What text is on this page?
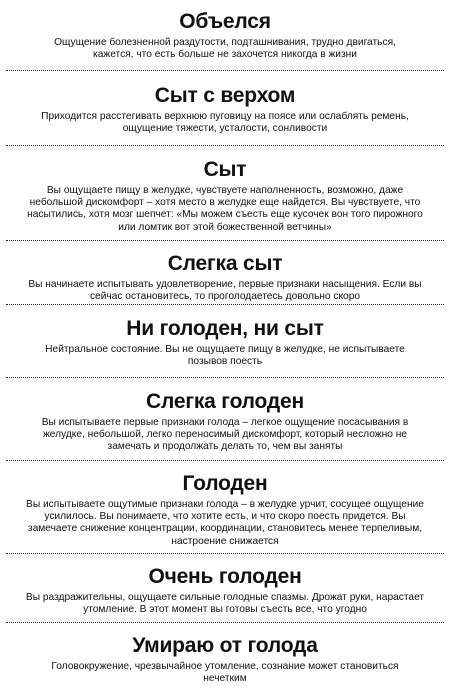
Объелся

Ощущение болезненной раздутости, подташнивания, трудно двигаться, кажется, что есть больше не захочется никогда в жизни

Сыт с верхом

Приходится расстегивать верхнюю пуговицу на поясе или ослаблять ремень, ощущение тяжести, усталости, сонливости

Сыт

Вы ощущаете пищу в желудке, чувствуете наполненность, возможно, даже небольшой дискомфорт – хотя место в желудке еще найдется. Вы чувствуете, что насытились, хотя мозг шепчет: «Мы можем съесть еще кусочек вон того пирожного или ломтик вот этой божественной ветчины»

Слегка сыт

Вы начинаете испытывать удовлетворение, первые признаки насыщения. Если вы сейчас остановитесь, то проголодаетесь довольно скоро

Ни голоден, ни сыт

Нейтральное состояние. Вы не ощущаете пищу в желудке, не испытываете позывов поесть

Слегка голоден

Вы испытываете первые признаки голода – легкое ощущение посасывания в желудке, небольшой, легко переносимый дискомфорт, который несложно не замечать и продолжать делать то, чем вы заняты

Голоден

Вы испытываете ощутимые признаки голода – в желудке урчит, сосущее ощущение усилилось. Вы понимаете, что хотите есть, и что скоро поесть придется. Вы замечаете снижение концентрации, координации, становитесь менее терпеливым, настроение снижается

Очень голоден

Вы раздражительны, ощущаете сильные голодные спазмы. Дрожат руки, нарастает утомление. В этот момент вы готовы съесть все, что угодно

Умираю от голода

Головокружение, чрезвычайное утомление, сознание может становиться нечетким
